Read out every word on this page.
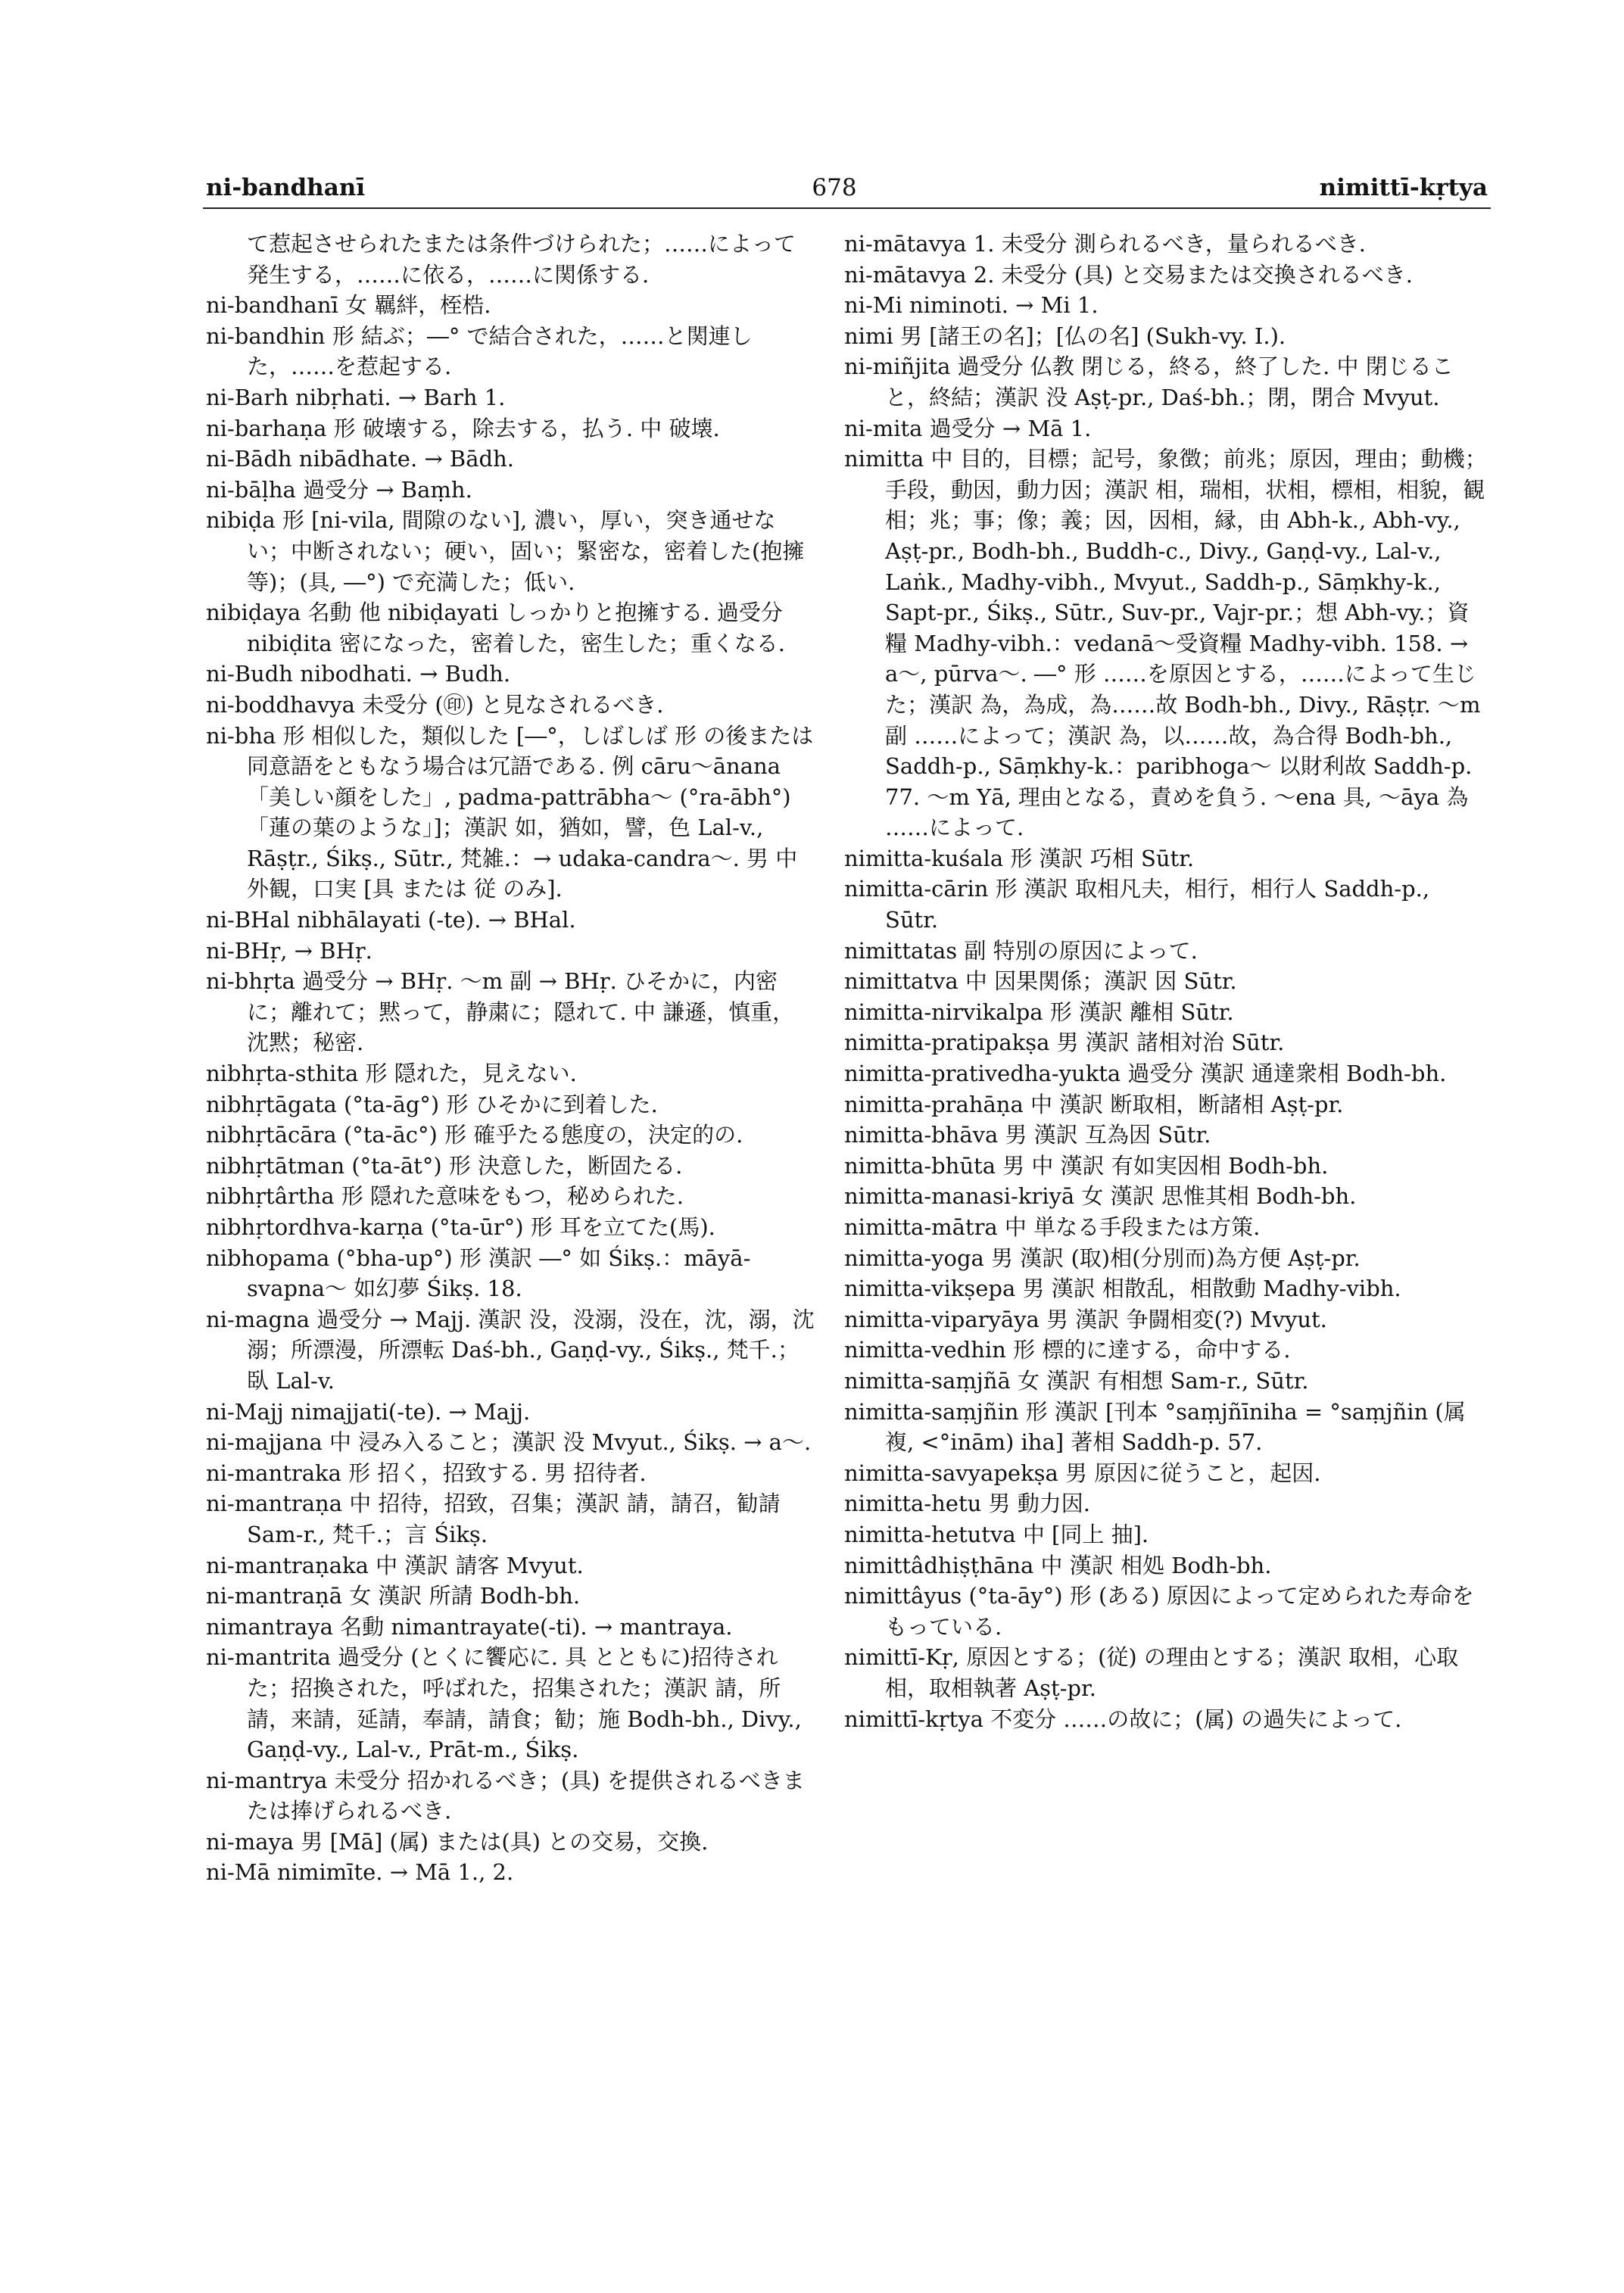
ni-bandhanī	678	nimittī-kṛtya

て惹起させられたまたは条件づけられた；……によって発生する，……に依る，……に関係する.

ni-bandhanī 女 羈絆，桎梏.

ni-bandhin 形 結ぶ；―° で結合された，……と関連した，……を惹起する.

ni-Barh nibṛhati. → Barh 1.

ni-barhaṇa 形 破壊する，除去する，払う. 中 破壊.

ni-Bādh nibādhate. → Bādh.

ni-bāḷha 過受分 → Baṃh.

nibiḍa 形 [ni-vila, 間隙のない], 濃い，厚い，突き通せない；中断されない；硬い，固い；緊密な，密着した(抱擁等)；(具, ―°) で充満した；低い.

nibiḍaya 名動 他 nibiḍayati しっかりと抱擁する. 過受分 nibiḍita 密になった，密着した，密生した；重くなる.

ni-Budh nibodhati. → Budh.

ni-boddhavya 未受分 (㊞) と見なされるべき.

ni-bha 形 相似した，類似した [―°，しばしば 形 の後または 同意語をともなう場合は冗語である. 例 cāru～ānana「美しい顔をした」, padma-pattrābha～ (°ra-ābh°)「蓮の葉のような」]；漢訳 如，猶如，譬，色 Lal-v., Rāṣṭr., Śikṣ., Sūtr., 梵雑.：→ udaka-candra～. 男 中 外観，口実 [具 または 従 のみ].

ni-BHal nibhālayati (-te). → BHal.

ni-BHṛ, → BHṛ.

ni-bhṛta 過受分 → BHṛ. ～m 副 → BHṛ. ひそかに，内密に；離れて；黙って，静粛に；隠れて. 中 謙遜，慎重，沈黙；秘密.

nibhṛta-sthita 形 隠れた，見えない.

nibhṛtāgata (°ta-āg°) 形 ひそかに到着した.

nibhṛtācāra (°ta-āc°) 形 確乎たる態度の，決定的の.

nibhṛtātman (°ta-āt°) 形 決意した，断固たる.

nibhṛtârtha 形 隠れた意味をもつ，秘められた.

nibhṛtordhva-karṇa (°ta-ūr°) 形 耳を立てた(馬).

nibhopama (°bha-up°) 形 漢訳 ―° 如 Śikṣ.：māyā-svapna～ 如幻夢 Śikṣ. 18.

ni-magna 過受分 → Majj. 漢訳 没，没溺，没在，沈，溺，沈溺；所漂漫，所漂転 Daś-bh., Gaṇḍ-vy., Śikṣ., 梵千.；臥 Lal-v.

ni-Majj nimajjati(-te). → Majj.

ni-majjana 中 浸み入ること；漢訳 没 Mvyut., Śikṣ. → a～.

ni-mantraka 形 招く，招致する. 男 招待者.

ni-mantraṇa 中 招待，招致，召集；漢訳 請，請召，勧請 Sam-r., 梵千.；言 Śikṣ.

ni-mantraṇaka 中 漢訳 請客 Mvyut.

ni-mantraṇā 女 漢訳 所請 Bodh-bh.

nimantraya 名動 nimantrayate(-ti). → mantraya.

ni-mantrita 過受分 (とくに饗応に. 具 とともに)招待された；招換された，呼ばれた，招集された；漢訳 請，所請，来請，延請，奉請，請食；勧；施 Bodh-bh., Divy., Gaṇḍ-vy., Lal-v., Prāt-m., Śikṣ.

ni-mantrya 未受分 招かれるべき；(具) を提供されるべきまたは捧げられるべき.

ni-maya 男 [Mā] (属) または(具) との交易，交換.

ni-Mā nimimīte. → Mā 1., 2.

ni-mātavya 1. 未受分 測られるべき，量られるべき.

ni-mātavya 2. 未受分 (具) と交易または交換されるべき.

ni-Mi niminoti. → Mi 1.

nimi 男 [諸王の名]；[仏の名] (Sukh-vy. I.).

ni-miñjita 過受分 仏教 閉じる，終る，終了した. 中 閉じること，終結；漢訳 没 Aṣṭ-pr., Daś-bh.；閉，閉合 Mvyut.

ni-mita 過受分 → Mā 1.

nimitta 中 目的，目標；記号，象徴；前兆；原因，理由；動機；手段，動因，動力因；漢訳 相，瑞相，状相，標相，相貌，観相；兆；事；像；義；因，因相，縁，由 Abh-k., Abh-vy., Aṣṭ-pr., Bodh-bh., Buddh-c., Divy., Gaṇḍ-vy., Lal-v., Laṅk., Madhy-vibh., Mvyut., Saddh-p., Sāṃkhy-k., Sapt-pr., Śikṣ., Sūtr., Suv-pr., Vajr-pr.；想 Abh-vy.；資糧 Madhy-vibh.：vedanā～受資糧 Madhy-vibh. 158. → a～, pūrva～. ―° 形 ……を原因とする，……によって生じた；漢訳 為，為成，為……故 Bodh-bh., Divy., Rāṣṭr. ～m 副 ……によって；漢訳 為，以……故，為合得 Bodh-bh., Saddh-p., Sāṃkhy-k.：paribhoga～ 以財利故 Saddh-p. 77. ～m Yā, 理由となる，責めを負う. ～ena 具, ～āya 為 ……によって.

nimitta-kuśala 形 漢訳 巧相 Sūtr.

nimitta-cārin 形 漢訳 取相凡夫，相行，相行人 Saddh-p., Sūtr.

nimittatas 副 特別の原因によって.

nimittatva 中 因果関係；漢訳 因 Sūtr.

nimitta-nirvikalpa 形 漢訳 離相 Sūtr.

nimitta-pratipakṣa 男 漢訳 諸相対治 Sūtr.

nimitta-prativedha-yukta 過受分 漢訳 通達衆相 Bodh-bh.

nimitta-prahāṇa 中 漢訳 断取相，断諸相 Aṣṭ-pr.

nimitta-bhāva 男 漢訳 互為因 Sūtr.

nimitta-bhūta 男 中 漢訳 有如実因相 Bodh-bh.

nimitta-manasi-kriyā 女 漢訳 思惟其相 Bodh-bh.

nimitta-mātra 中 単なる手段または方策.

nimitta-yoga 男 漢訳 (取)相(分別而)為方便 Aṣṭ-pr.

nimitta-vikṣepa 男 漢訳 相散乱，相散動 Madhy-vibh.

nimitta-viparyāya 男 漢訳 争闘相変(?) Mvyut.

nimitta-vedhin 形 標的に達する，命中する.

nimitta-saṃjñā 女 漢訳 有相想 Sam-r., Sūtr.

nimitta-saṃjñin 形 漢訳 [刊本 °saṃjñīniha = °saṃjñin (属 複, <°inām) iha] 著相 Saddh-p. 57.

nimitta-savyapekṣa 男 原因に従うこと，起因.

nimitta-hetu 男 動力因.

nimitta-hetutva 中 [同上 抽].

nimittâdhiṣṭhāna 中 漢訳 相処 Bodh-bh.

nimittâyus (°ta-āy°) 形 (ある) 原因によって定められた寿命をもっている.

nimittī-Kṛ, 原因とする；(従) の理由とする；漢訳 取相，心取相，取相執著 Aṣṭ-pr.

nimittī-kṛtya 不変分 ……の故に；(属) の過失によって.
